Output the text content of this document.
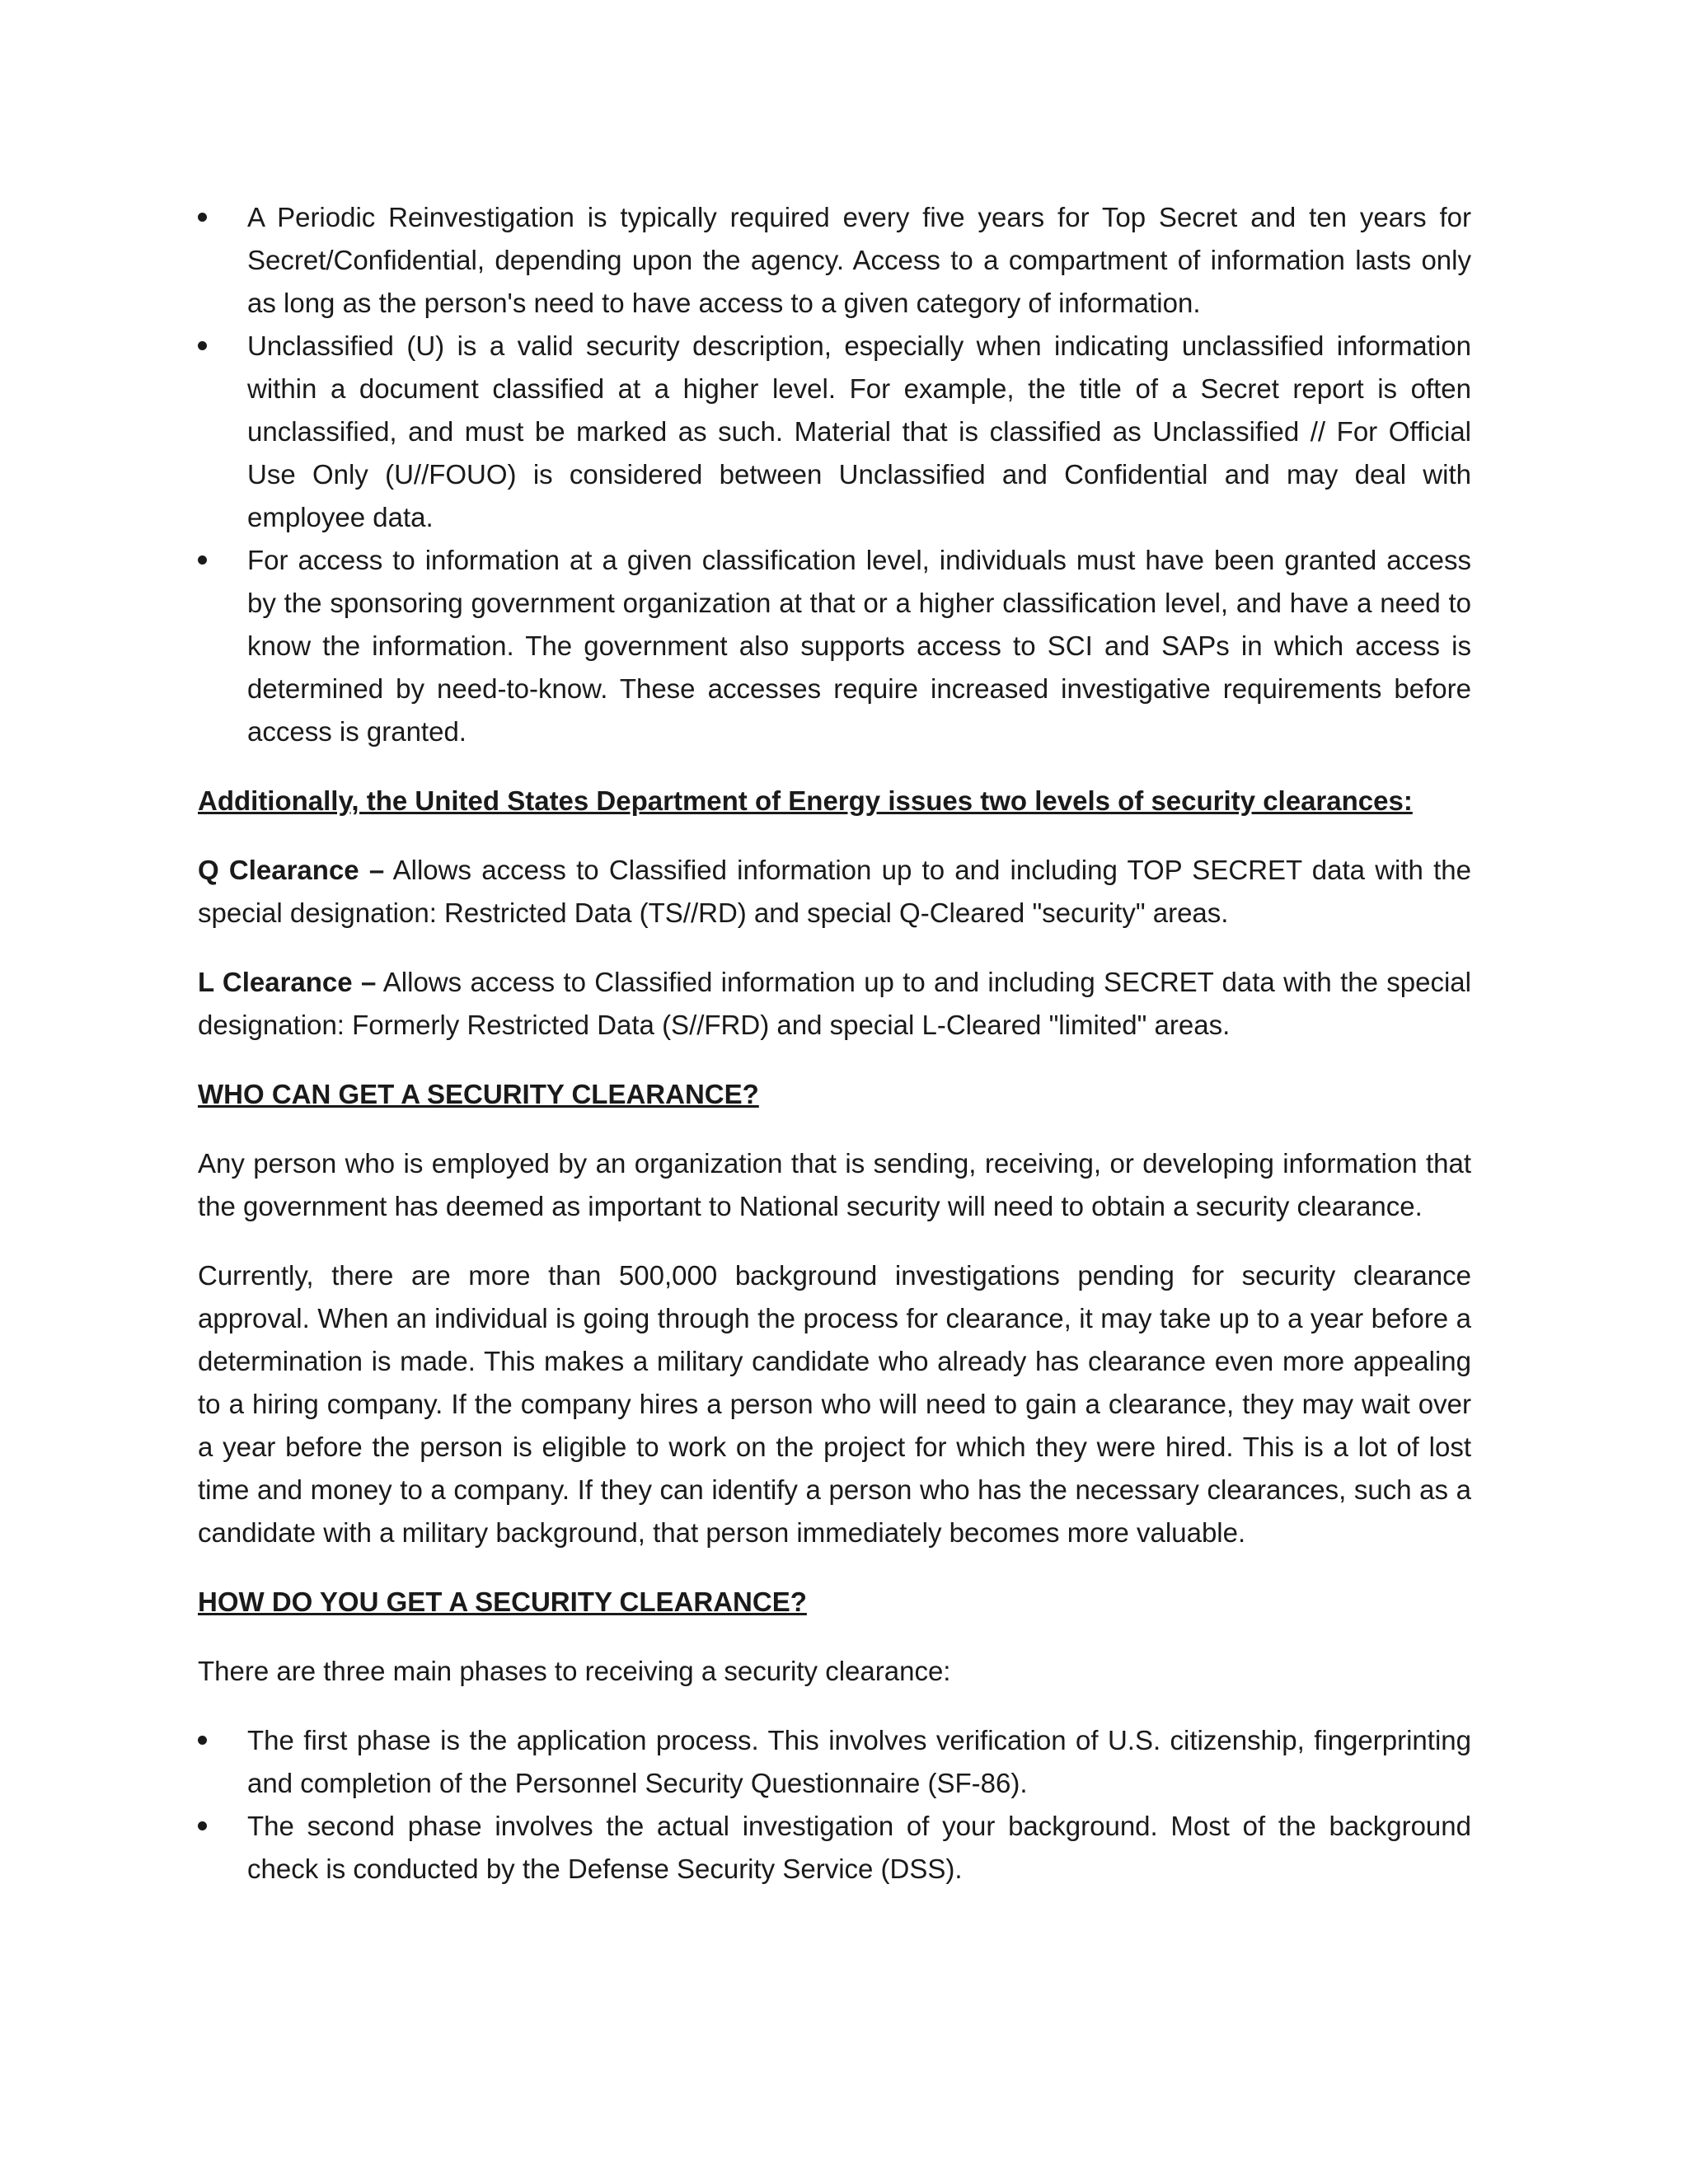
A Periodic Reinvestigation is typically required every five years for Top Secret and ten years for Secret/Confidential, depending upon the agency. Access to a compartment of information lasts only as long as the person's need to have access to a given category of information.
Unclassified (U) is a valid security description, especially when indicating unclassified information within a document classified at a higher level. For example, the title of a Secret report is often unclassified, and must be marked as such. Material that is classified as Unclassified // For Official Use Only (U//FOUO) is considered between Unclassified and Confidential and may deal with employee data.
For access to information at a given classification level, individuals must have been granted access by the sponsoring government organization at that or a higher classification level, and have a need to know the information. The government also supports access to SCI and SAPs in which access is determined by need-to-know. These accesses require increased investigative requirements before access is granted.

Additionally, the United States Department of Energy issues two levels of security clearances:

Q Clearance – Allows access to Classified information up to and including TOP SECRET data with the special designation: Restricted Data (TS//RD) and special Q-Cleared "security" areas.

L Clearance – Allows access to Classified information up to and including SECRET data with the special designation: Formerly Restricted Data (S//FRD) and special L-Cleared "limited" areas.

WHO CAN GET A SECURITY CLEARANCE?

Any person who is employed by an organization that is sending, receiving, or developing information that the government has deemed as important to National security will need to obtain a security clearance.

Currently, there are more than 500,000 background investigations pending for security clearance approval. When an individual is going through the process for clearance, it may take up to a year before a determination is made. This makes a military candidate who already has clearance even more appealing to a hiring company. If the company hires a person who will need to gain a clearance, they may wait over a year before the person is eligible to work on the project for which they were hired. This is a lot of lost time and money to a company. If they can identify a person who has the necessary clearances, such as a candidate with a military background, that person immediately becomes more valuable.

HOW DO YOU GET A SECURITY CLEARANCE?

There are three main phases to receiving a security clearance:

The first phase is the application process. This involves verification of U.S. citizenship, fingerprinting and completion of the Personnel Security Questionnaire (SF-86).
The second phase involves the actual investigation of your background. Most of the background check is conducted by the Defense Security Service (DSS).
